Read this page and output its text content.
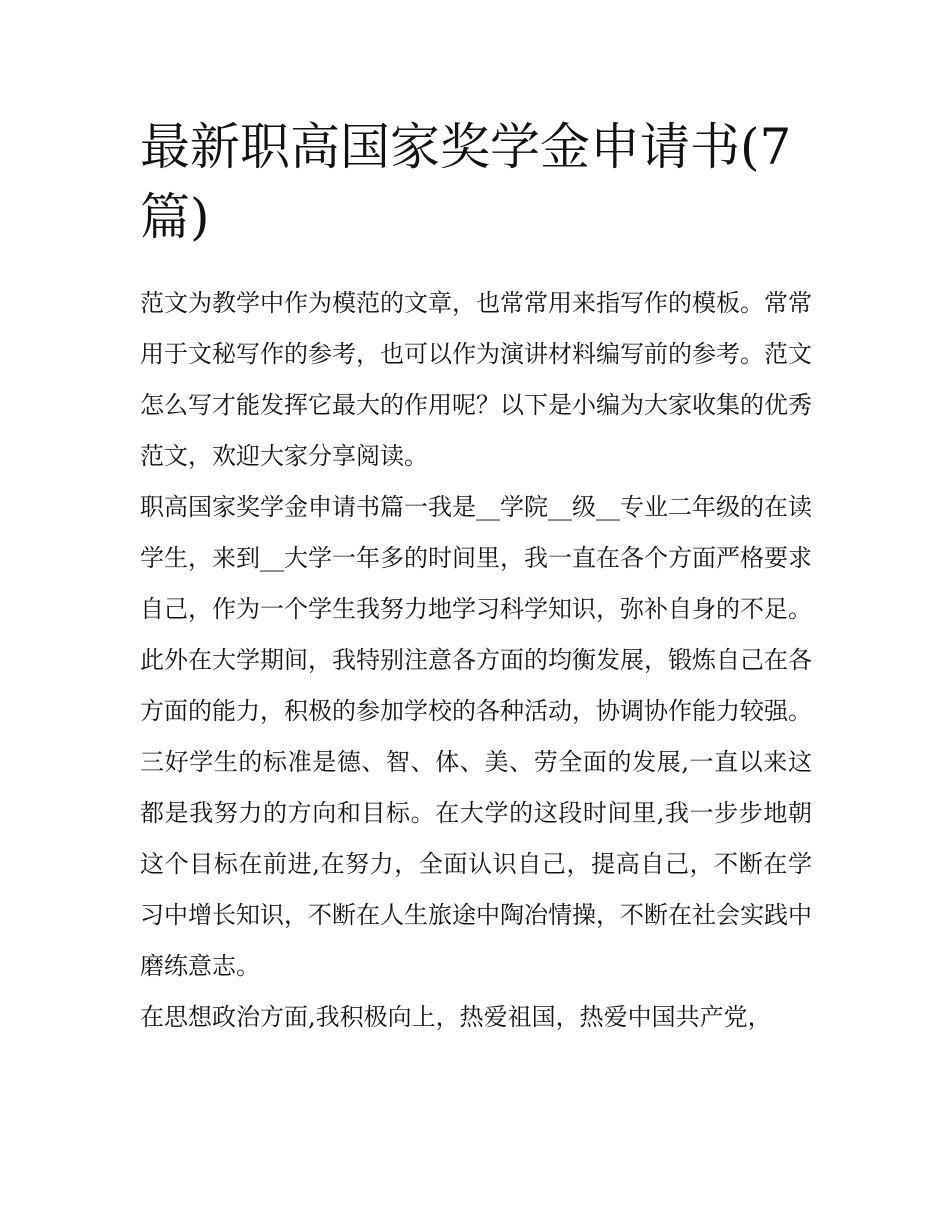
最新职高国家奖学金申请书(7篇)

范文为教学中作为模范的文章，也常常用来指写作的模板。常常用于文秘写作的参考，也可以作为演讲材料编写前的参考。范文怎么写才能发挥它最大的作用呢？以下是小编为大家收集的优秀范文，欢迎大家分享阅读。

职高国家奖学金申请书篇一我是__学院__级__专业二年级的在读学生，来到__大学一年多的时间里，我一直在各个方面严格要求自己，作为一个学生我努力地学习科学知识，弥补自身的不足。此外在大学期间，我特别注意各方面的均衡发展，锻炼自己在各方面的能力，积极的参加学校的各种活动，协调协作能力较强。

三好学生的标准是德、智、体、美、劳全面的发展,一直以来这都是我努力的方向和目标。在大学的这段时间里,我一步步地朝这个目标在前进,在努力，全面认识自己，提高自己，不断在学习中增长知识，不断在人生旅途中陶冶情操，不断在社会实践中磨练意志。

在思想政治方面,我积极向上，热爱祖国，热爱中国共产党，
